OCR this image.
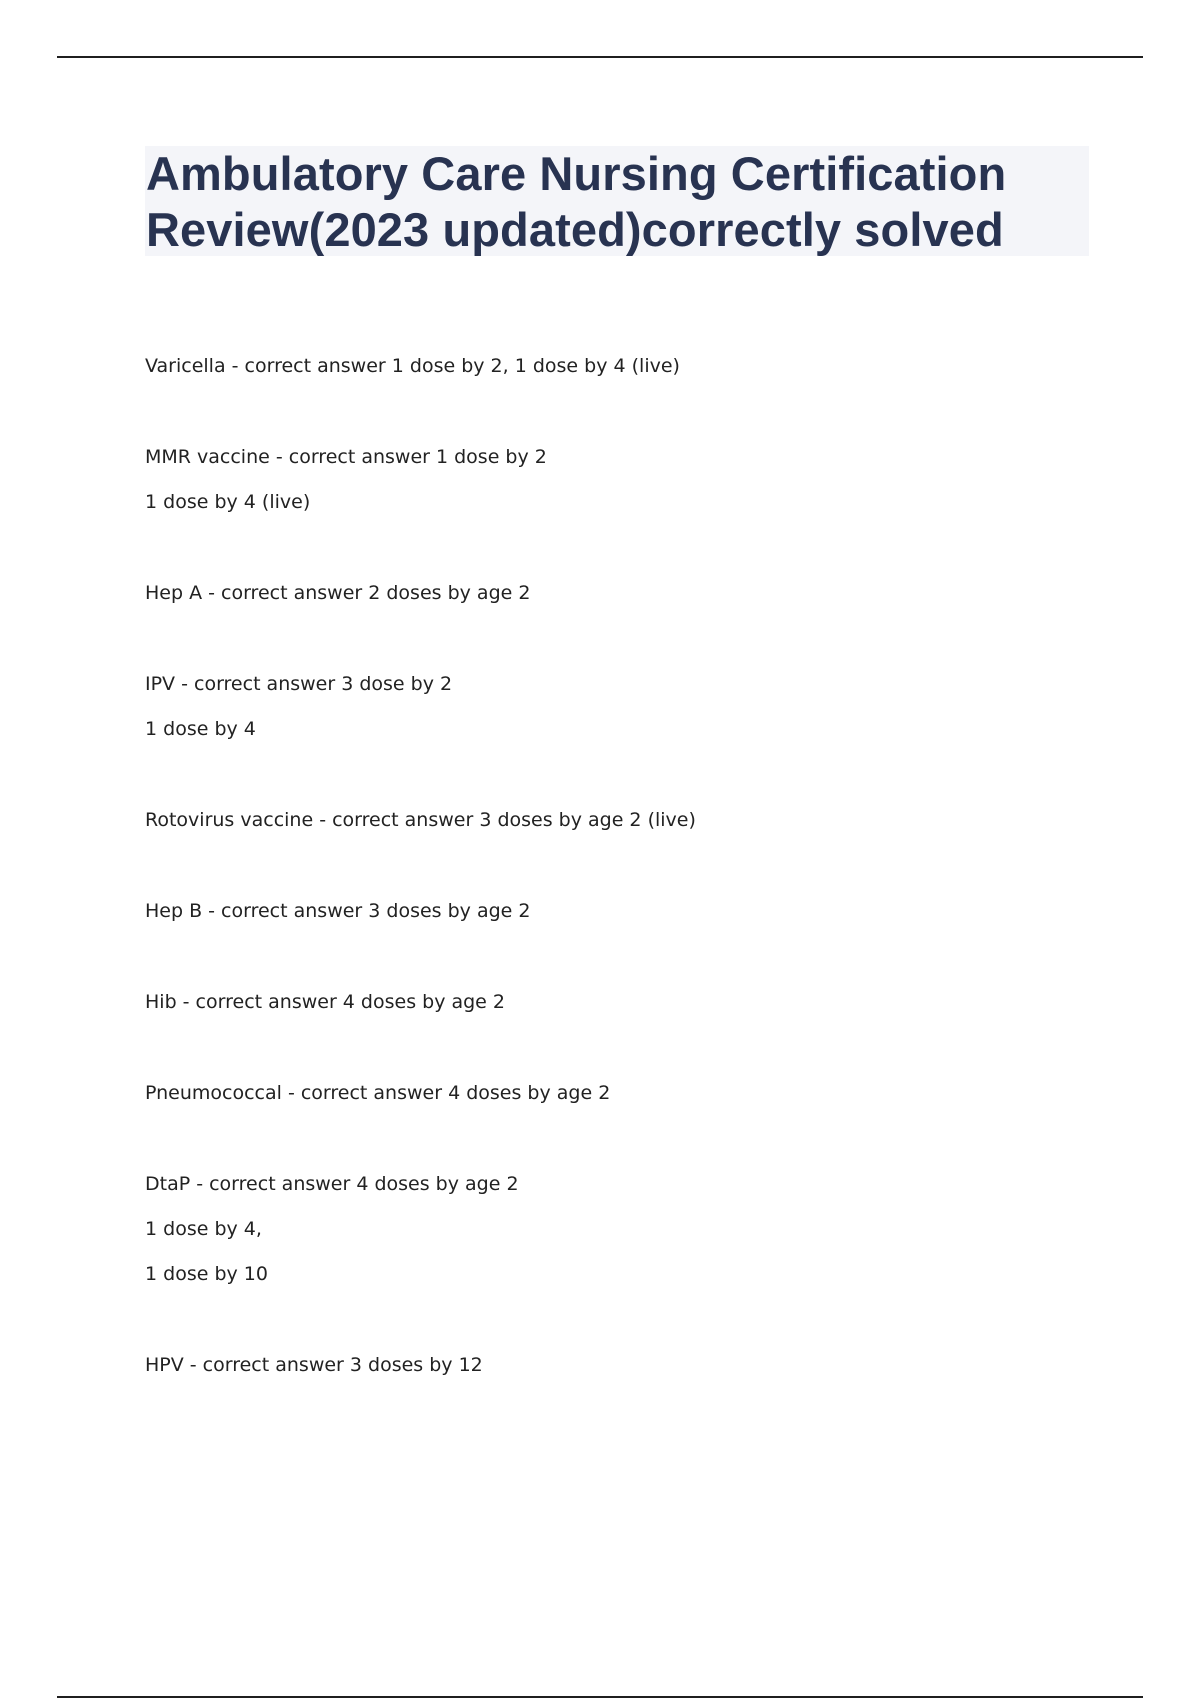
Ambulatory Care Nursing Certification
Review(2023 updated)correctly solved
Varicella - correct answer 1 dose by 2, 1 dose by 4 (live)
MMR vaccine - correct answer 1 dose by 2
1 dose by 4 (live)
Hep A - correct answer 2 doses by age 2
IPV - correct answer 3 dose by 2
1 dose by 4
Rotovirus vaccine - correct answer 3 doses by age 2 (live)
Hep B - correct answer 3 doses by age 2
Hib - correct answer 4 doses by age 2
Pneumococcal - correct answer 4 doses by age 2
DtaP - correct answer 4 doses by age 2
1 dose by 4,
1 dose by 10
HPV - correct answer 3 doses by 12
